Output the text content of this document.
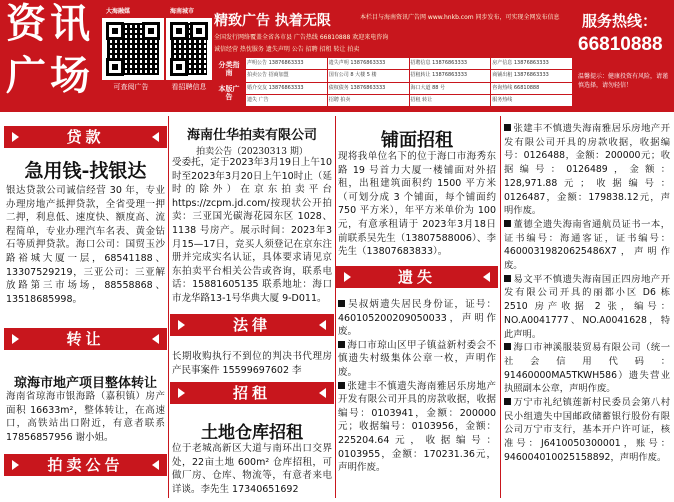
资讯
广场
大海融媒
可查阅广告
海南城市
看招聘信息
精致广告 执着无限	本栏目与海南资讯广告网 www.hnkb.com 同步发布，可实现全网发布信息
全国发行网络覆盖全省各市县 广告热线 66810888 欢迎来电咨询
诚信经营 热忱服务 遗失声明 公告 招聘 招租 转让 拍卖
分类指南
本版广告
声明公告 13876863333	遗失声明 13876863333	招聘信息 13876863333	房产信息 13876863333
拍卖公告 招商加盟	国有公司 8 大楼 5 楼	招租转让 13876863333	商铺出租 13876863333
婚介交友 13876863333	债权债务 13876863333	海口大道 88 号	咨询热线 66810888
遗失 广告	招聘 拍卖	招租 转让	服务热线
服务热线：
66810888
温馨提示：健康投资有风险，请谨慎选择，请勿轻信！
贷款
急用钱-找银达
银达贷款公司诚信经营 30 年，专业办理房地产抵押贷款，全省受理一押二押，利息低、速度快、额度高、流程简单，专业办理汽车名表、黄金钻石等质押贷款。海口公司：国贸玉沙路裕城大厦一层，68541188、13307529219，三亚公司：三亚解放路第三市场场，88558868、13518685998。
转让
琼海市地产项目整体转让
海南省琼海市银海路（嘉积镇）房产面积 16633m²，整体转让，在高速口，高铁站出口附近，有意者联系 17856857956 谢小姐。
拍卖公告
海南仕华拍卖有限公司
拍卖公告（20230313 期）
受委托，定于2023年3月19日上午10时至2023年3月20日上午10时止（延时的除外）在京东拍卖平台 https://zcpm.jd.com/按现状公开拍卖：三亚国光碳海花园东区 1028、1138 号房产。展示时间：2023年3月15—17日，竞买人须登记在京东注册并完成实名认证，具体要求请见京东拍卖平台相关公告或咨询，联系电话：15881605135 联系地址：海口市龙华路13-1号华典大厦 9-D011。
法律
长期收购执行不到位的判决书代理房产民事案件 15599697602 李
招租
土地仓库招租
位于老城高新区大道与南环出口交界处，22亩土地 600m² 仓库招租，可做厂房、仓库、物流等，有意者来电详谈。李先生 17340651692
铺面招租
现将我单位名下的位于海口市海秀东路 19 号首力大厦一楼铺面对外招租，出租建筑面积约 1500 平方米（可划分成 3 个铺面，每个铺面约 750 平方米），年平方米单价为 100 元，有意承租请于 2023年3月18日前联系吴先生（13807588006）、李先生（13807683833）。
遗失
吴叔炳遗失居民身份证，证号：460105200209050033，声明作废。
海口市琼山区甲子镇益新村委会不慎遗失村级集体公章一枚，声明作废。
张建丰不慎遗失海南雅居乐房地产开发有限公司开具的房款收据，收据编号：0103941，金额：200000元；收据编号：0103956，金额：225204.64元，收据编号：0103955，金额：170231.36元，声明作废。
张建丰不慎遗失海南雅居乐房地产开发有限公司开具的房款收据，收据编号：0126488，金额：200000元；收据编号：0126489，金额：128,971.88元；收据编号：0126487，金额：179838.12元，声明作废。
董德全遗失海南省通航员证书一本，证书编号：海通客证，证书编号：46000319820625486X7，声明作废。
易文平不慎遗失海南国正四房地产开发有限公司开具的丽都小区 D6 栋 2510 房产收据 2 张，编号：NO.A0041777、NO.A0041628，特此声明。
海口市神溪服装贸易有限公司（统一社会信用代码：91460000MA5TKWH586）遗失营业执照副本公章，声明作废。
万宁市礼纪镇莲新村民委员会第八村民小组遗失中国邮政储蓄银行股份有限公司万宁市支行，基本开户许可证，核准号：J6410050300001，账号：946004010025158892，声明作废。
